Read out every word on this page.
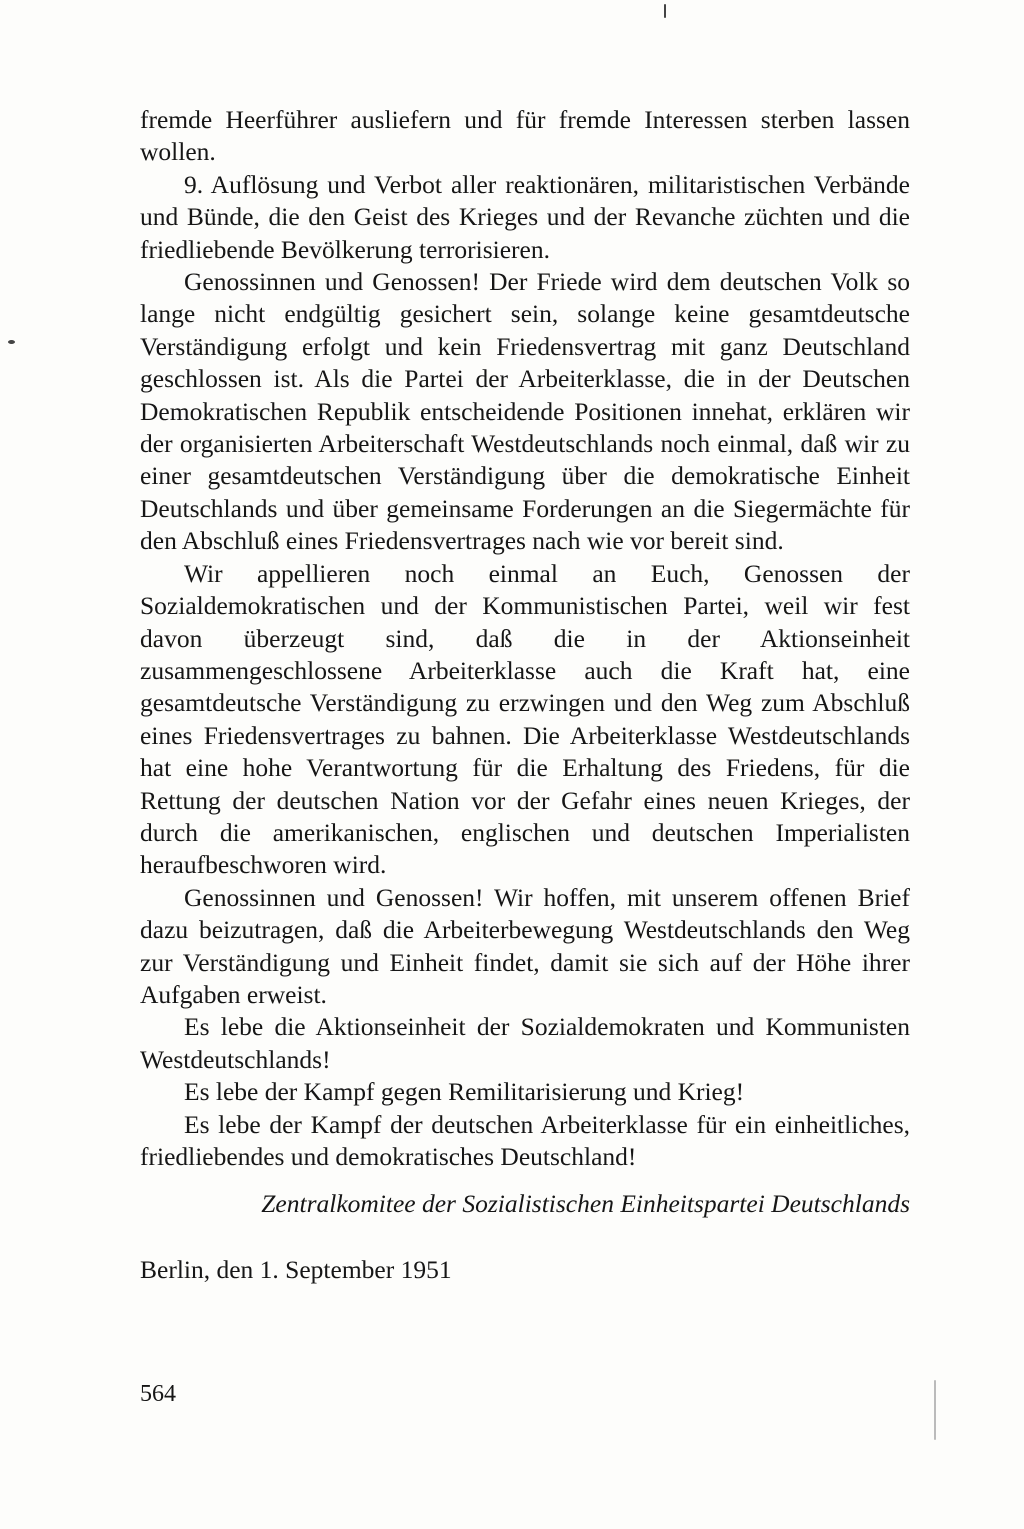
fremde Heerführer ausliefern und für fremde Interessen sterben lassen wollen.

9. Auflösung und Verbot aller reaktionären, militaristischen Verbände und Bünde, die den Geist des Krieges und der Revanche züchten und die friedliebende Bevölkerung terrorisieren.

Genossinnen und Genossen! Der Friede wird dem deutschen Volk so lange nicht endgültig gesichert sein, solange keine gesamtdeutsche Verständigung erfolgt und kein Friedensvertrag mit ganz Deutschland geschlossen ist. Als die Partei der Arbeiterklasse, die in der Deutschen Demokratischen Republik entscheidende Positionen innehat, erklären wir der organisierten Arbeiterschaft Westdeutschlands noch einmal, daß wir zu einer gesamtdeutschen Verständigung über die demokratische Einheit Deutschlands und über gemeinsame Forderungen an die Siegermächte für den Abschluß eines Friedensvertrages nach wie vor bereit sind.

Wir appellieren noch einmal an Euch, Genossen der Sozialdemokratischen und der Kommunistischen Partei, weil wir fest davon überzeugt sind, daß die in der Aktionseinheit zusammengeschlossene Arbeiterklasse auch die Kraft hat, eine gesamtdeutsche Verständigung zu erzwingen und den Weg zum Abschluß eines Friedensvertrages zu bahnen. Die Arbeiterklasse Westdeutschlands hat eine hohe Verantwortung für die Erhaltung des Friedens, für die Rettung der deutschen Nation vor der Gefahr eines neuen Krieges, der durch die amerikanischen, englischen und deutschen Imperialisten heraufbeschworen wird.

Genossinnen und Genossen! Wir hoffen, mit unserem offenen Brief dazu beizutragen, daß die Arbeiterbewegung Westdeutschlands den Weg zur Verständigung und Einheit findet, damit sie sich auf der Höhe ihrer Aufgaben erweist.

Es lebe die Aktionseinheit der Sozialdemokraten und Kommunisten Westdeutschlands!

Es lebe der Kampf gegen Remilitarisierung und Krieg!

Es lebe der Kampf der deutschen Arbeiterklasse für ein einheitliches, friedliebendes und demokratisches Deutschland!

Zentralkomitee der Sozialistischen Einheitspartei Deutschlands
Berlin, den 1. September 1951
564
